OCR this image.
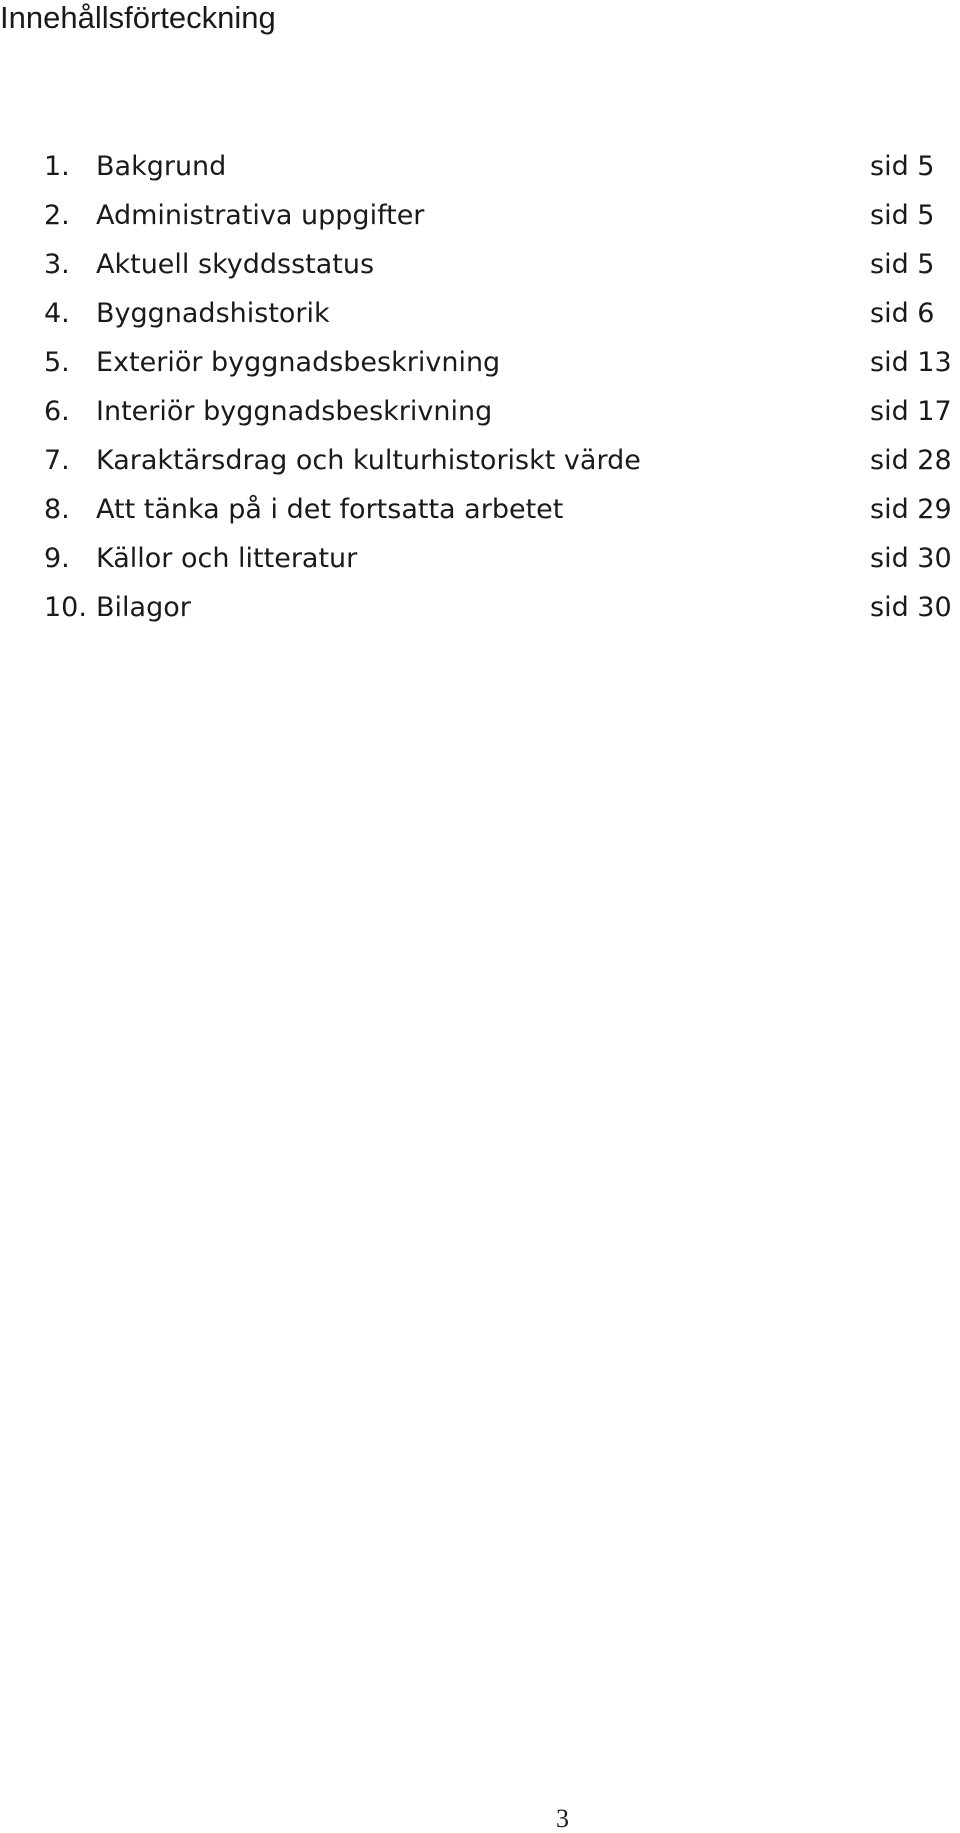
Innehållsförteckning
1. Bakgrund	sid 5
2. Administrativa uppgifter	sid 5
3. Aktuell skyddsstatus	sid 5
4. Byggnadshistorik	sid 6
5. Exteriör byggnadsbeskrivning	sid 13
6. Interiör byggnadsbeskrivning	sid 17
7. Karaktärsdrag och kulturhistoriskt värde	sid 28
8. Att tänka på i det fortsatta arbetet	sid 29
9. Källor och litteratur	sid 30
10. Bilagor	sid 30
3
